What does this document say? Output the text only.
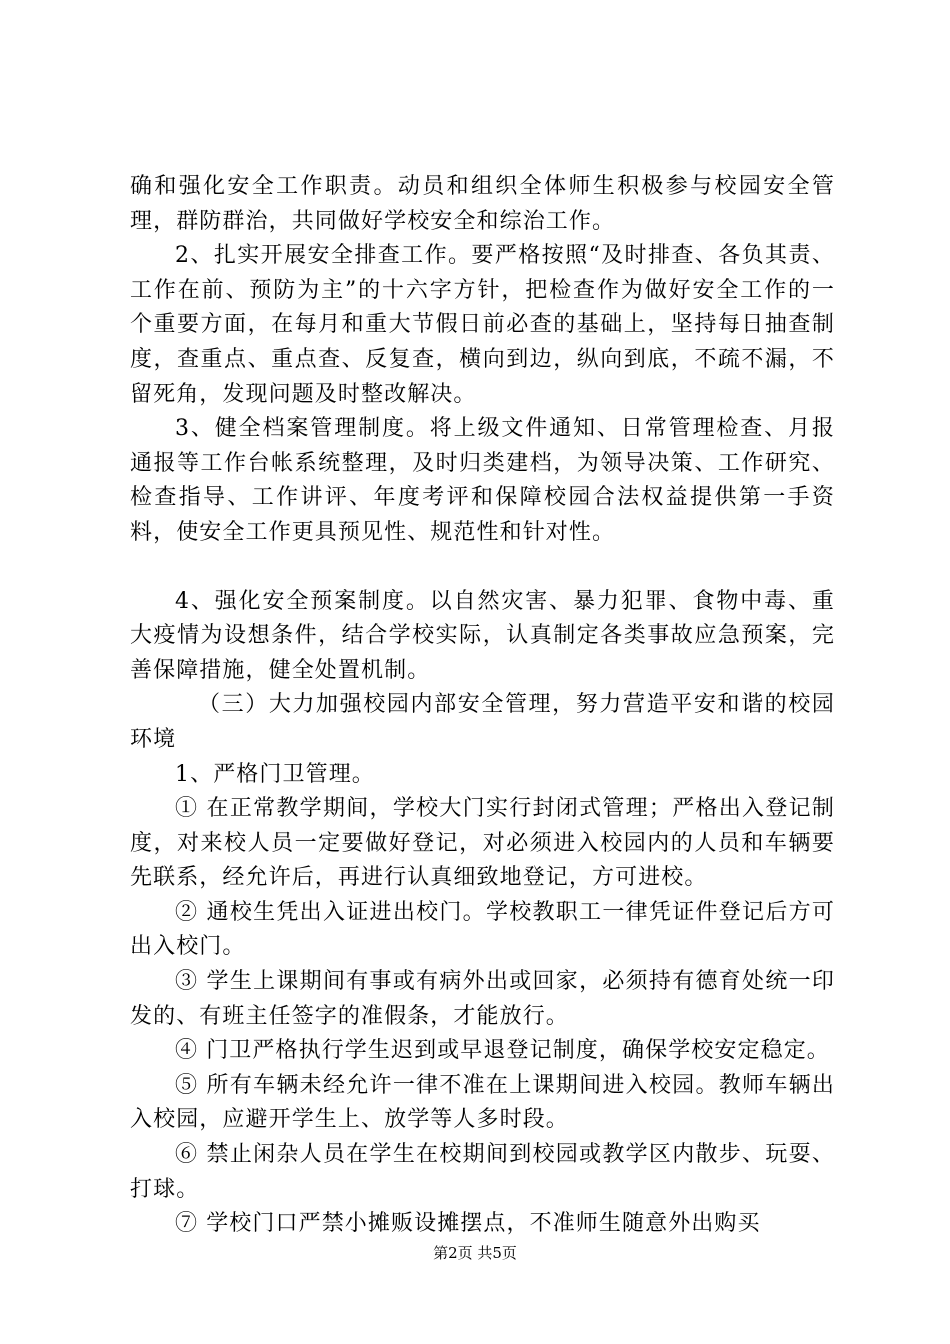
确和强化安全工作职责。动员和组织全体师生积极参与校园安全管理，群防群治，共同做好学校安全和综治工作。

2、扎实开展安全排查工作。要严格按照“及时排查、各负其责、工作在前、预防为主”的十六字方针，把检查作为做好安全工作的一个重要方面，在每月和重大节假日前必查的基础上，坚持每日抽查制度，查重点、重点查、反复查，横向到边，纵向到底，不疏不漏，不留死角，发现问题及时整改解决。

3、健全档案管理制度。将上级文件通知、日常管理检查、月报通报等工作台帐系统整理，及时归类建档，为领导决策、工作研究、检查指导、工作讲评、年度考评和保障校园合法权益提供第一手资料，使安全工作更具预见性、规范性和针对性。

4、强化安全预案制度。以自然灾害、暴力犯罪、食物中毒、重大疫情为设想条件，结合学校实际，认真制定各类事故应急预案，完善保障措施，健全处置机制。

（三）大力加强校园内部安全管理，努力营造平安和谐的校园环境

1、严格门卫管理。

① 在正常教学期间，学校大门实行封闭式管理；严格出入登记制度，对来校人员一定要做好登记，对必须进入校园内的人员和车辆要先联系，经允许后，再进行认真细致地登记，方可进校。

② 通校生凭出入证进出校门。学校教职工一律凭证件登记后方可出入校门。

③ 学生上课期间有事或有病外出或回家，必须持有德育处统一印发的、有班主任签字的准假条，才能放行。

④ 门卫严格执行学生迟到或早退登记制度，确保学校安定稳定。

⑤ 所有车辆未经允许一律不准在上课期间进入校园。教师车辆出入校园，应避开学生上、放学等人多时段。

⑥ 禁止闲杂人员在学生在校期间到校园或教学区内散步、玩耍、打球。

⑦ 学校门口严禁小摊贩设摊摆点，不准师生随意外出购买

第2页 共5页
